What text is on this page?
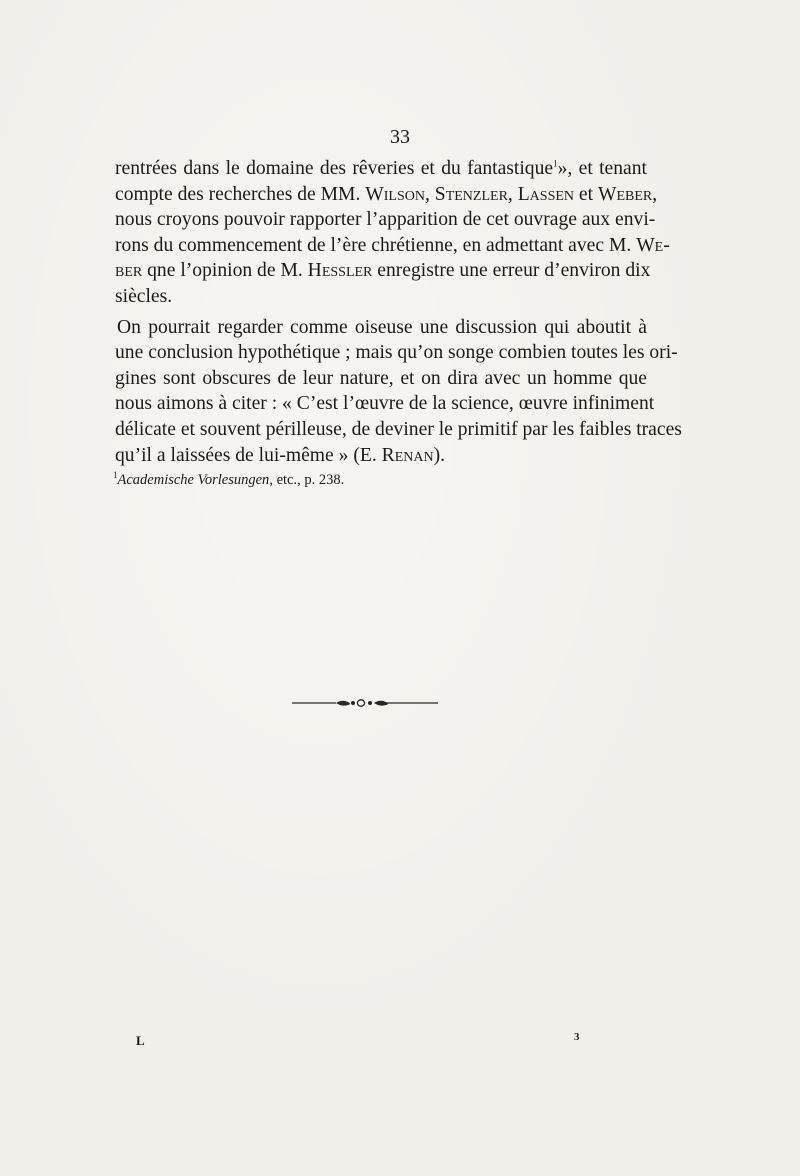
33
rentrées dans le domaine des rêveries et du fantastique$^1$», et tenant
compte des recherches de MM. Wilson, Stenzler, Lassen et Weber,
nous croyons pouvoir rapporter l’apparition de cet ouvrage aux envi-
rons du commencement de l’ère chrétienne, en admettant avec M. We-
ber qne l’opinion de M. Hessler enregistre une erreur d’environ dix
siècles.
On pourrait regarder comme oiseuse une discussion qui aboutit à
une conclusion hypothétique ; mais qu’on songe combien toutes les ori-
gines sont obscures de leur nature, et on dira avec un homme que
nous aimons à citer : « C’est l’œuvre de la science, œuvre infiniment
délicate et souvent périlleuse, de deviner le primitif par les faibles traces
qu’il a laissées de lui-même » (E. Renan).
$^1$Academische Vorlesungen, etc., p. 238.
L	3
